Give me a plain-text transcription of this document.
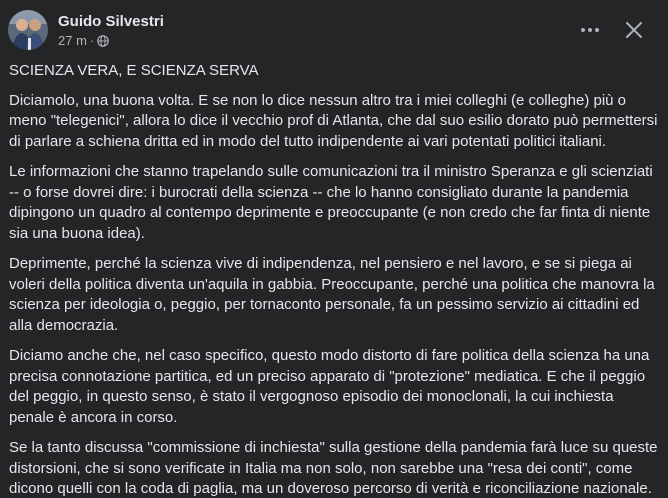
Guido Silvestri
27 m ·

SCIENZA VERA, E SCIENZA SERVA

Diciamolo, una buona volta. E se non lo dice nessun altro tra i miei colleghi (e colleghe) più o meno "telegenici", allora lo dice il vecchio prof di Atlanta, che dal suo esilio dorato può permettersi di parlare a schiena dritta ed in modo del tutto indipendente ai vari potentati politici italiani.

Le informazioni che stanno trapelando sulle comunicazioni tra il ministro Speranza e gli scienziati -- o forse dovrei dire: i burocrati della scienza -- che lo hanno consigliato durante la pandemia dipingono un quadro al contempo deprimente e preoccupante (e non credo che far finta di niente sia una buona idea).

Deprimente, perché la scienza vive di indipendenza, nel pensiero e nel lavoro, e se si piega ai voleri della politica diventa un'aquila in gabbia. Preoccupante, perché una politica che manovra la scienza per ideologia o, peggio, per tornaconto personale, fa un pessimo servizio ai cittadini ed alla democrazia.

Diciamo anche che, nel caso specifico, questo modo distorto di fare politica della scienza ha una precisa connotazione partitica, ed un preciso apparato di "protezione" mediatica. E che il peggio del peggio, in questo senso, è stato il vergognoso episodio dei monoclonali, la cui inchiesta penale è ancora in corso.

Se la tanto discussa "commissione di inchiesta" sulla gestione della pandemia farà luce su queste distorsioni, che si sono verificate in Italia ma non solo, non sarebbe una "resa dei conti", come dicono quelli con la coda di paglia, ma un doveroso percorso di verità e riconciliazione nazionale.
